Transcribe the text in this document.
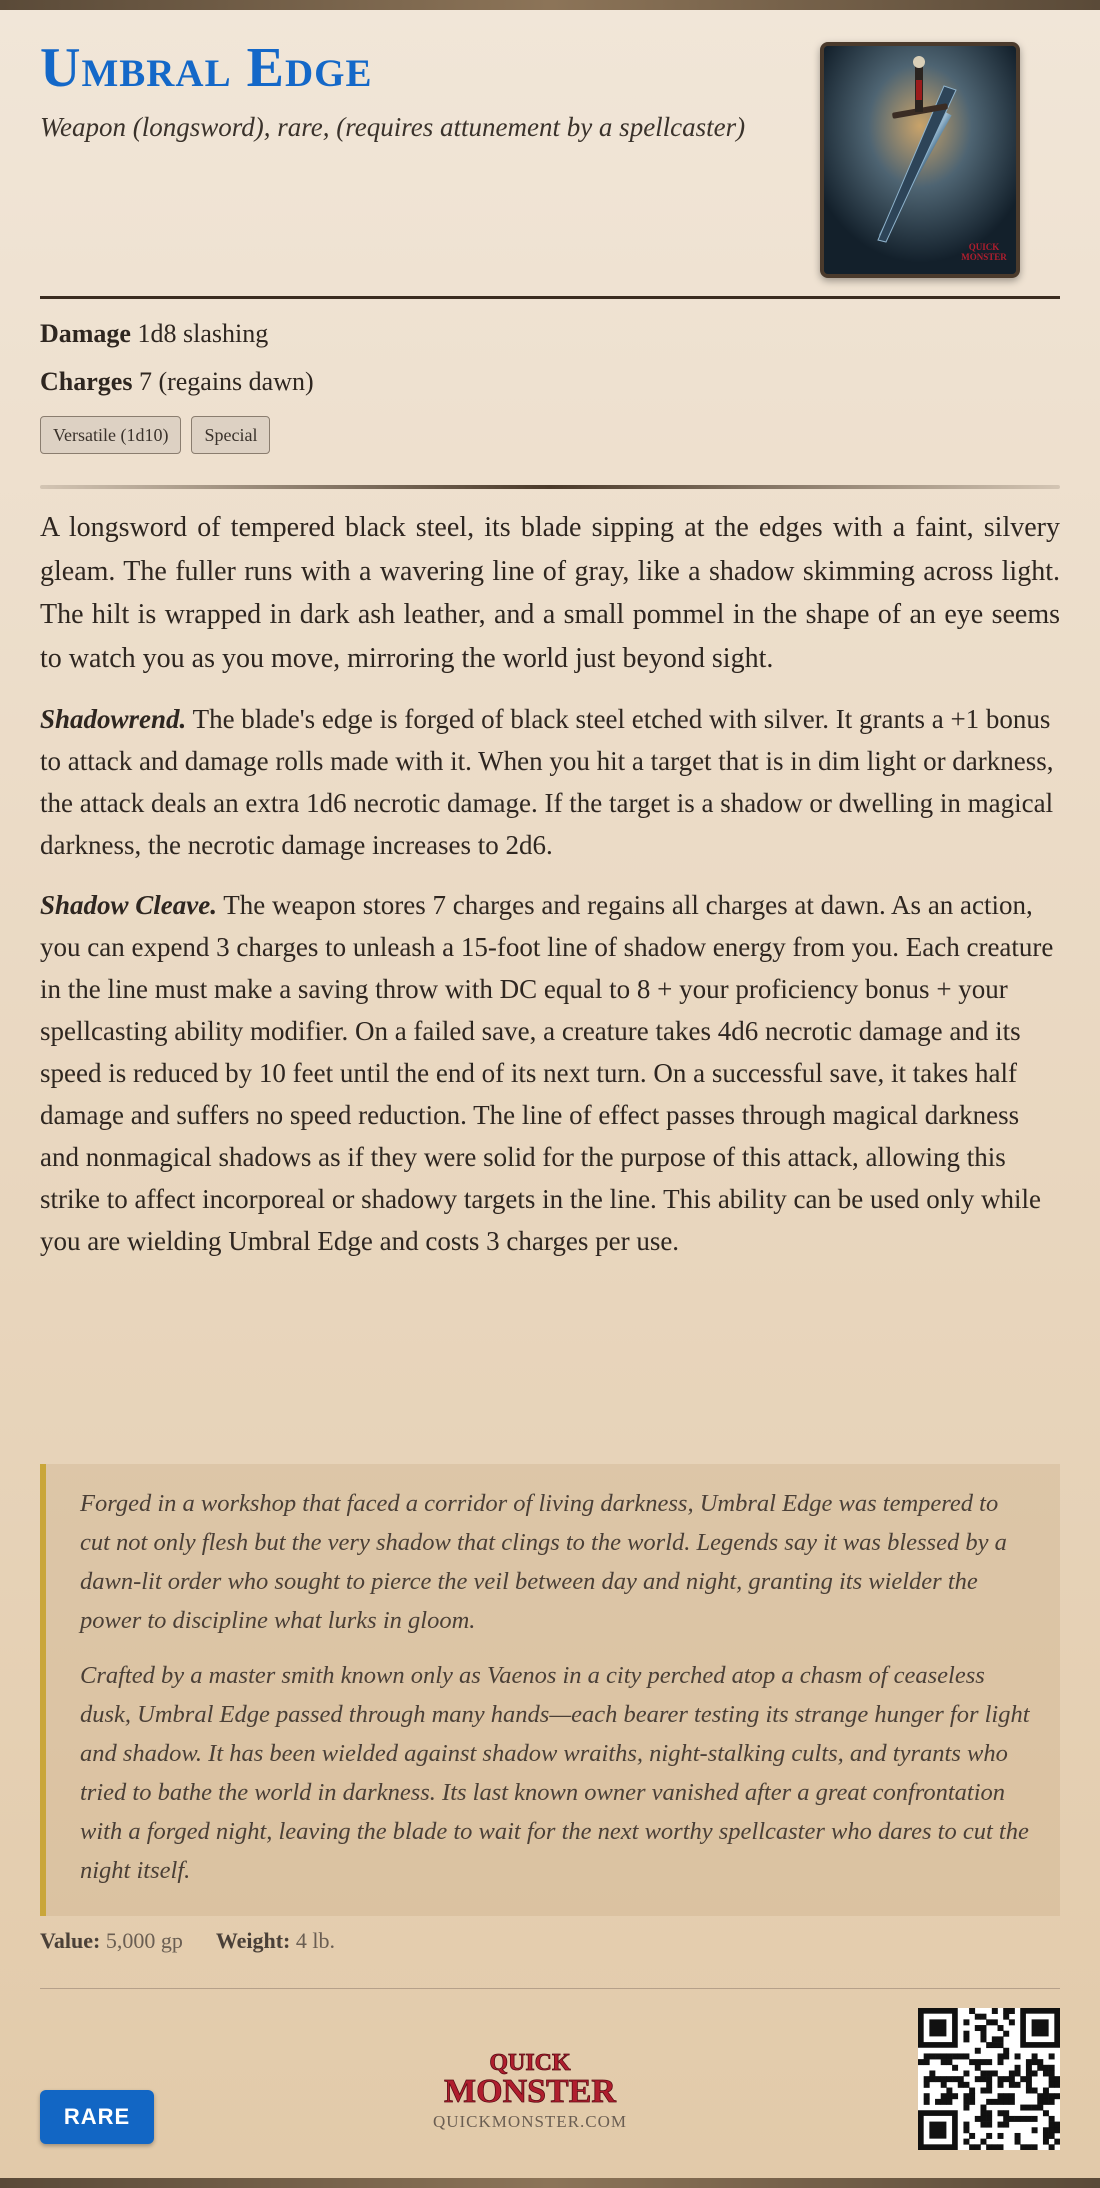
Umbral Edge
Weapon (longsword), rare, (requires attunement by a spellcaster)
QUICK
MONSTER
Damage 1d8 slashing
Charges 7 (regains dawn)
Versatile (1d10)	Special

A longsword of tempered black steel, its blade sipping at the edges with a faint, silvery gleam. The fuller runs with a wavering line of gray, like a shadow skimming across light. The hilt is wrapped in dark ash leather, and a small pommel in the shape of an eye seems to watch you as you move, mirroring the world just beyond sight.

Shadowrend. The blade's edge is forged of black steel etched with silver. It grants a +1 bonus to attack and damage rolls made with it. When you hit a target that is in dim light or darkness, the attack deals an extra 1d6 necrotic damage. If the target is a shadow or dwelling in magical darkness, the necrotic damage increases to 2d6.

Shadow Cleave. The weapon stores 7 charges and regains all charges at dawn. As an action, you can expend 3 charges to unleash a 15-foot line of shadow energy from you. Each creature in the line must make a saving throw with DC equal to 8 + your proficiency bonus + your spellcasting ability modifier. On a failed save, a creature takes 4d6 necrotic damage and its speed is reduced by 10 feet until the end of its next turn. On a successful save, it takes half damage and suffers no speed reduction. The line of effect passes through magical darkness and nonmagical shadows as if they were solid for the purpose of this attack, allowing this strike to affect incorporeal or shadowy targets in the line. This ability can be used only while you are wielding Umbral Edge and costs 3 charges per use.

Forged in a workshop that faced a corridor of living darkness, Umbral Edge was tempered to cut not only flesh but the very shadow that clings to the world. Legends say it was blessed by a dawn-lit order who sought to pierce the veil between day and night, granting its wielder the power to discipline what lurks in gloom.

Crafted by a master smith known only as Vaenos in a city perched atop a chasm of ceaseless dusk, Umbral Edge passed through many hands—each bearer testing its strange hunger for light and shadow. It has been wielded against shadow wraiths, night-stalking cults, and tyrants who tried to bathe the world in darkness. Its last known owner vanished after a great confrontation with a forged night, leaving the blade to wait for the next worthy spellcaster who dares to cut the night itself.

Value: 5,000 gp Weight: 4 lb.
RARE
QUICK
MONSTER
QUICKMONSTER.COM
